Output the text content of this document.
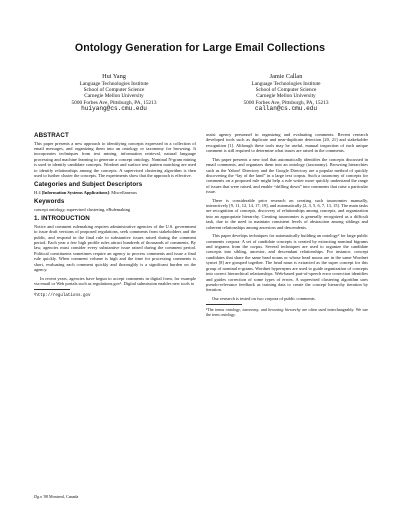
Ontology Generation for Large Email Collections
Hui Yang
Language Technologies Institute
School of Computer Science
Carnegie Mellon University
5000 Forbes Ave, Pittsburgh, PA, 15213
huiyang@cs.cmu.edu
Jamie Callan
Language Technologies Institute
School of Computer Science
Carnegie Mellon University
5000 Forbes Ave, Pittsburgh, PA, 15213
callan@cs.cmu.edu
ABSTRACT

This paper presents a new approach to identifying concepts expressed in a collection of email messages, and organizing them into an ontology or taxonomy for browsing. It incorporates techniques from text mining, information retrieval, natural language processing and machine learning to generate a concept ontology. Nominal N-gram mining is used to identify candidate concepts. Wordnet and surface text pattern matching are used to identify relationships among the concepts. A supervised clustering algorithm is then used to further cluster the concepts. The experiments show that the approach is effective.

Categories and Subject Descriptors

H.4 [Information Systems Applications]: Miscellaneous

Keywords

concept ontology, supervised clustering, eRulemaking

1. INTRODUCTION

Notice and comment rulemaking requires administrative agencies of the U.S. government to issue draft versions of proposed regulations, seek comments from stakeholders and the public, and respond in the final rule to substantive issues raised during the comment period. Each year a few high profile rules attract hundreds of thousands of comments. By law, agencies must consider every substantive issue raised during the comment period. Political constituents sometimes require an agency to process comments and issue a final rule quickly. When comment volume is high and the time for processing comments is short, evaluating each comment quickly and thoroughly is a significant burden on the agency.

In recent years, agencies have begun to accept comments in digital form, for example via email or Web portals such as regulations.gov¹. Digital submission enables new tools to

¹http://regulations.gov
Dg.o '08 Montreal, Canada

assist agency personnel in organizing and evaluating comments. Recent research developed tools such as duplicate and near-duplicate detection [20, 21] and stakeholder recognition [1]. Although these tools may be useful, manual inspection of each unique comment is still required to determine what issues are raised in the comments.

This paper presents a new tool that automatically identifies the concepts discussed in email comments, and organizes them into an ontology (taxonomy). Browsing hierarchies such as the Yahoo! Directory and the Google Directory are a popular method of quickly discovering the “lay of the land” in a large text corpus. Such a taxonomy of concepts for comments on a proposed rule might help a rule writer more quickly understand the range of issues that were raised, and enable “drilling down” into comments that raise a particular issue.

There is considerable prior research on creating such taxonomies manually, interactively [9, 11, 12, 14, 17, 19], and automatically [2, 3, 5, 6, 7, 13, 15]. The main tasks are recognition of concepts, discovery of relationships among concepts, and organization into an appropriate hierarchy. Creating taxonomies is generally recognized as a difficult task, due to the need to maintain consistent levels of abstraction among siblings and coherent relationships among ancestors and descendents.

This paper develops techniques for automatically building an ontology² for large public comments corpora. A set of candidate concepts is created by extracting nominal bigrams and trigrams from the corpus. Several techniques are used to organize the candidate concepts into sibling, ancestor, and descendant relationships. For instance, concept candidates that share the same head nouns or whose head nouns are in the same Wordnet synset [8] are grouped together. The head noun is extracted as the super concept for this group of nominal n-grams. Wordnet hypernyms are used to guide organization of concepts into correct hierarchical relationships. Web-based part-of-speech error correction identifies and guides correction of some types of errors. A supervised clustering algorithm uses pseudo-relevance feedback as training data to create the concept hierarchy iteration by iteration.

Our research is tested on two corpora of public comments.

²The terms ontology, taxonomy, and browsing hierarchy are often used interchangeably. We use the term ontology.
